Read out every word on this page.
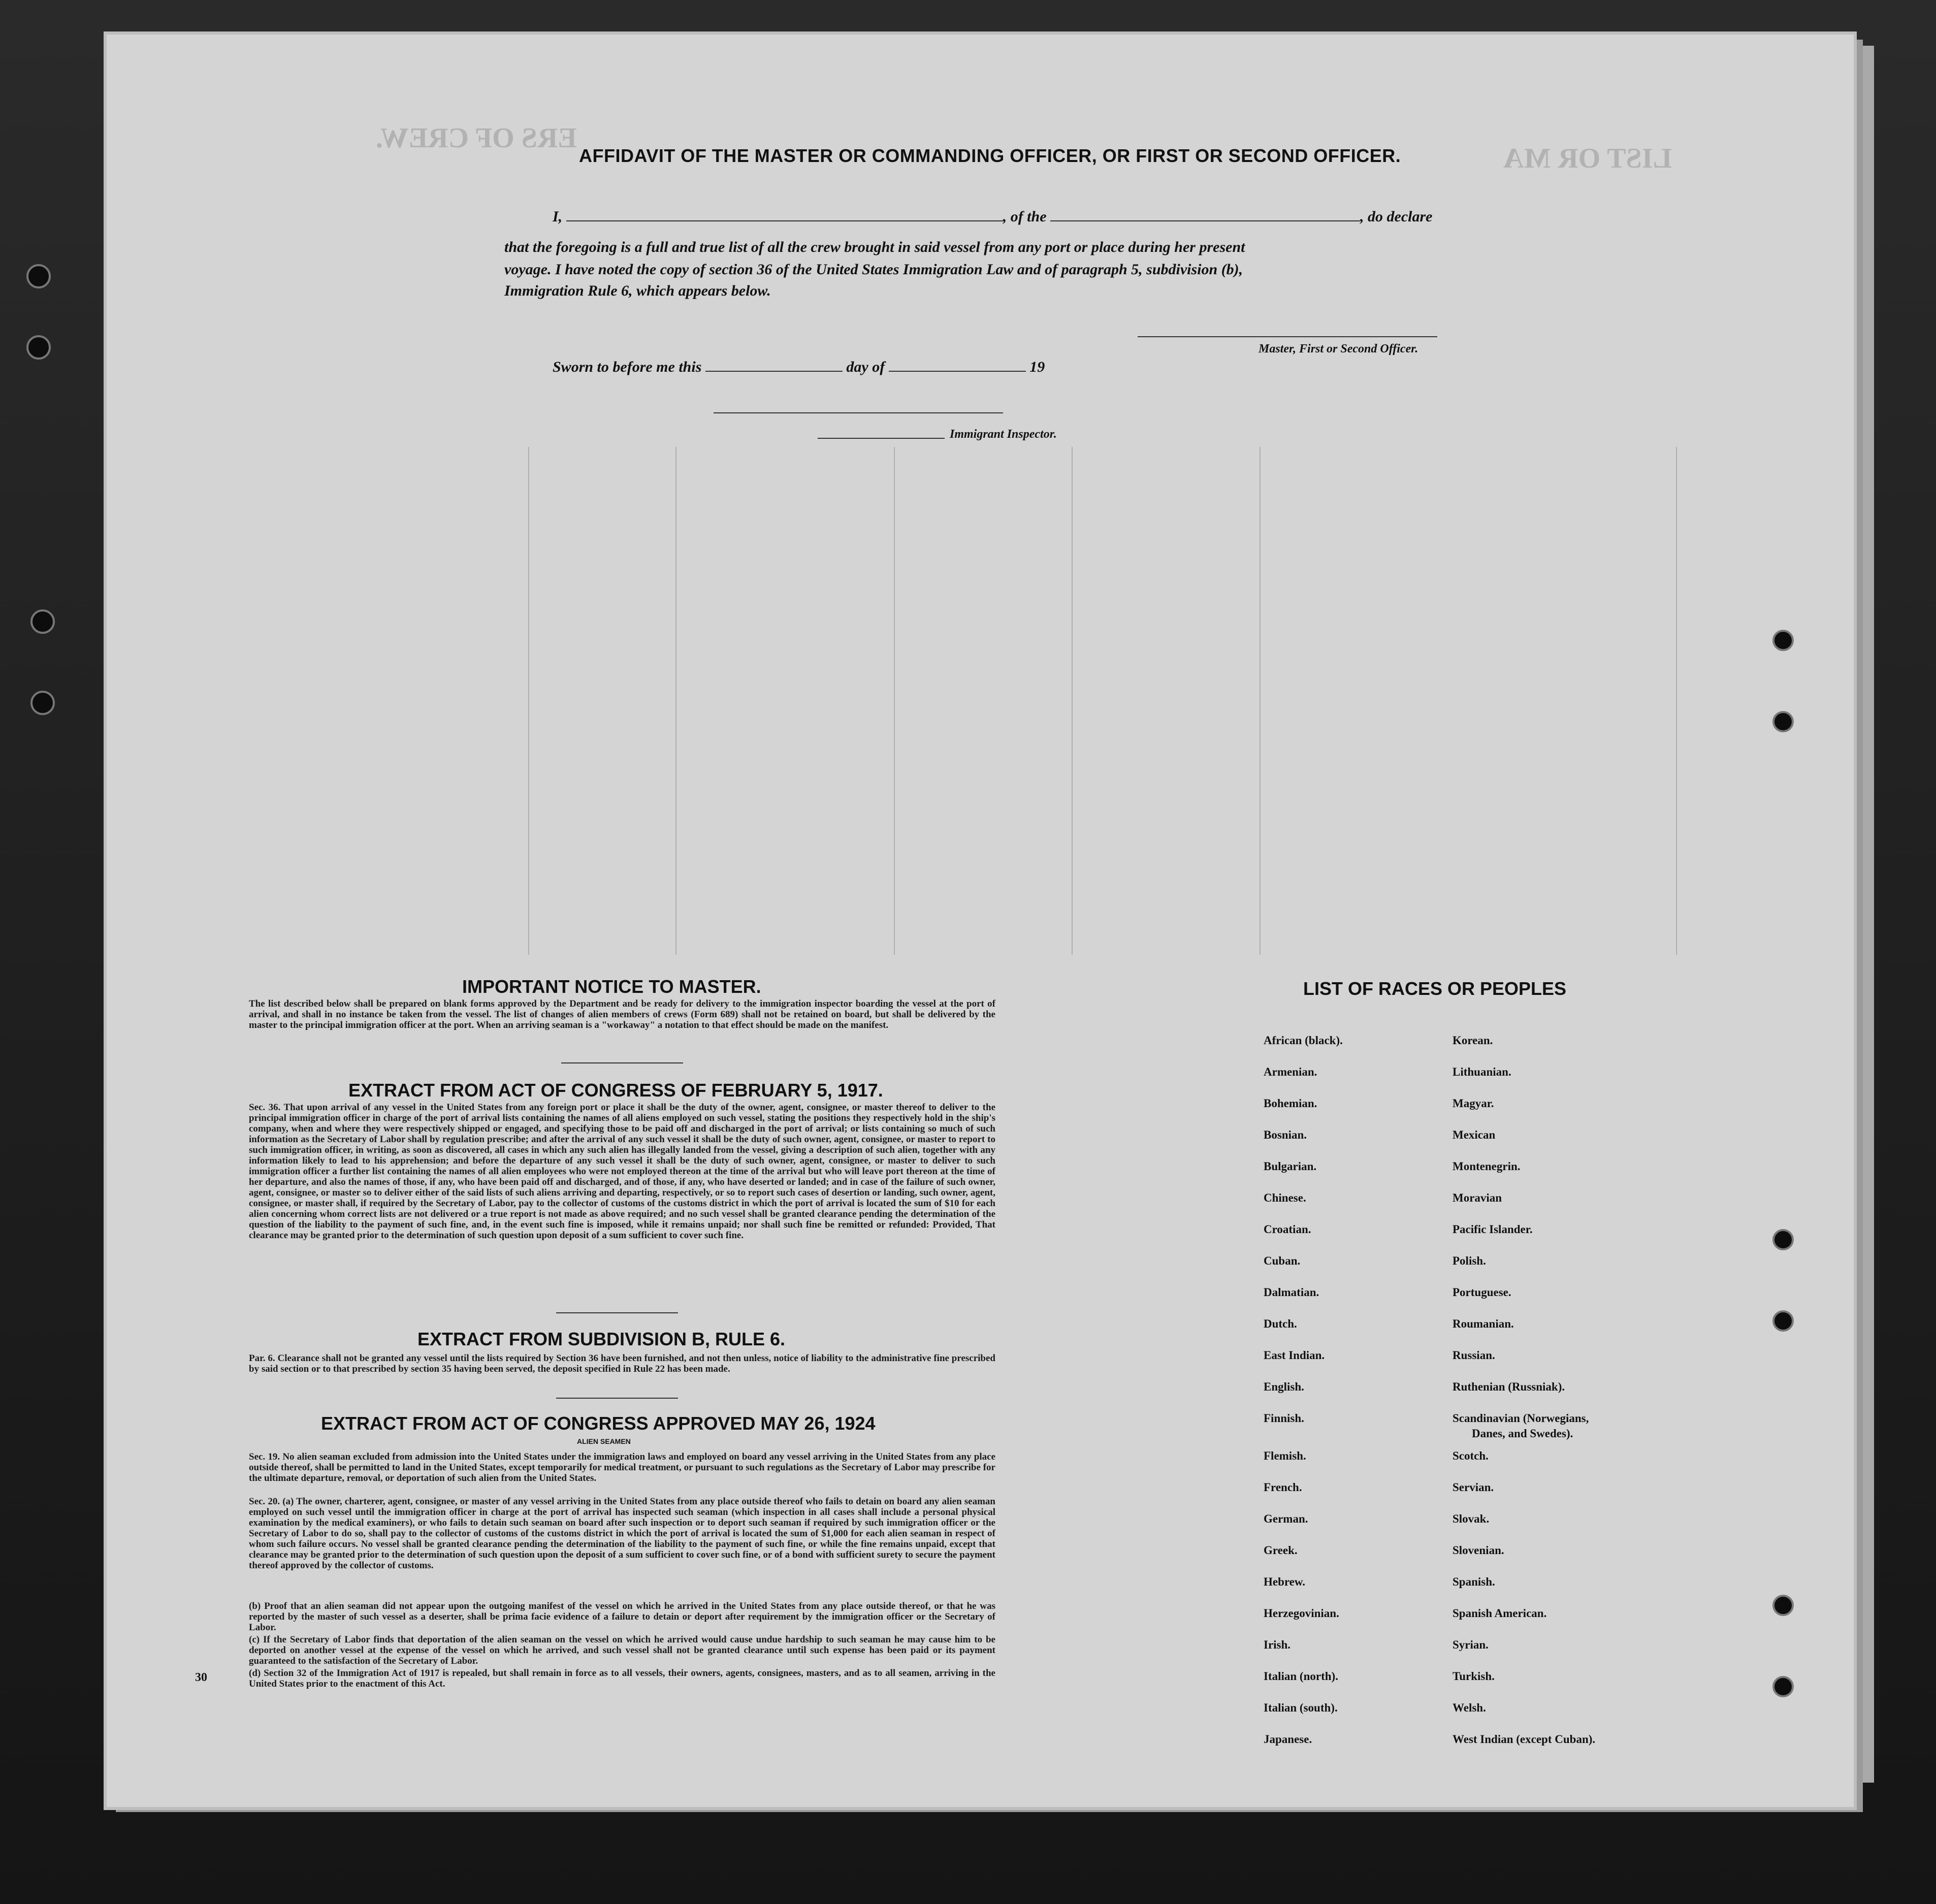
LIST OR MA
ERS OF CREW.
AFFIDAVIT OF THE MASTER OR COMMANDING OFFICER, OR FIRST OR SECOND OFFICER.
I,	, of the	, do declare
that the foregoing is a full and true list of all the crew brought in said vessel from any port or place during her present
voyage. I have noted the copy of section 36 of the United States Immigration Law and of paragraph 5, subdivision (b),
Immigration Rule 6, which appears below.
Master, First or Second Officer.
Sworn to before me this	day of	19
Immigrant Inspector.
IMPORTANT NOTICE TO MASTER.
The list described below shall be prepared on blank forms approved by the Department and be ready for delivery to the immigration inspector boarding the vessel at the port of arrival, and shall in no instance be taken from the vessel. The list of changes of alien members of crews (Form 689) shall not be retained on board, but shall be delivered by the master to the principal immigration officer at the port. When an arriving seaman is a "workaway" a notation to that effect should be made on the manifest.
EXTRACT FROM ACT OF CONGRESS OF FEBRUARY 5, 1917.
Sec. 36. That upon arrival of any vessel in the United States from any foreign port or place it shall be the duty of the owner, agent, consignee, or master thereof to deliver to the principal immigration officer in charge of the port of arrival lists containing the names of all aliens employed on such vessel, stating the positions they respectively hold in the ship's company, when and where they were respectively shipped or engaged, and specifying those to be paid off and discharged in the port of arrival; or lists containing so much of such information as the Secretary of Labor shall by regulation prescribe; and after the arrival of any such vessel it shall be the duty of such owner, agent, consignee, or master to report to such immigration officer, in writing, as soon as discovered, all cases in which any such alien has illegally landed from the vessel, giving a description of such alien, together with any information likely to lead to his apprehension; and before the departure of any such vessel it shall be the duty of such owner, agent, consignee, or master to deliver to such immigration officer a further list containing the names of all alien employees who were not employed thereon at the time of the arrival but who will leave port thereon at the time of her departure, and also the names of those, if any, who have been paid off and discharged, and of those, if any, who have deserted or landed; and in case of the failure of such owner, agent, consignee, or master so to deliver either of the said lists of such aliens arriving and departing, respectively, or so to report such cases of desertion or landing, such owner, agent, consignee, or master shall, if required by the Secretary of Labor, pay to the collector of customs of the customs district in which the port of arrival is located the sum of $10 for each alien concerning whom correct lists are not delivered or a true report is not made as above required; and no such vessel shall be granted clearance pending the determination of the question of the liability to the payment of such fine, and, in the event such fine is imposed, while it remains unpaid; nor shall such fine be remitted or refunded: Provided, That clearance may be granted prior to the determination of such question upon deposit of a sum sufficient to cover such fine.
EXTRACT FROM SUBDIVISION B, RULE 6.
Par. 6. Clearance shall not be granted any vessel until the lists required by Section 36 have been furnished, and not then unless, notice of liability to the administrative fine prescribed by said section or to that prescribed by section 35 having been served, the deposit specified in Rule 22 has been made.
EXTRACT FROM ACT OF CONGRESS APPROVED MAY 26, 1924
ALIEN SEAMEN
Sec. 19. No alien seaman excluded from admission into the United States under the immigration laws and employed on board any vessel arriving in the United States from any place outside thereof, shall be permitted to land in the United States, except temporarily for medical treatment, or pursuant to such regulations as the Secretary of Labor may prescribe for the ultimate departure, removal, or deportation of such alien from the United States.
Sec. 20. (a) The owner, charterer, agent, consignee, or master of any vessel arriving in the United States from any place outside thereof who fails to detain on board any alien seaman employed on such vessel until the immigration officer in charge at the port of arrival has inspected such seaman (which inspection in all cases shall include a personal physical examination by the medical examiners), or who fails to detain such seaman on board after such inspection or to deport such seaman if required by such immigration officer or the Secretary of Labor to do so, shall pay to the collector of customs of the customs district in which the port of arrival is located the sum of $1,000 for each alien seaman in respect of whom such failure occurs. No vessel shall be granted clearance pending the determination of the liability to the payment of such fine, or while the fine remains unpaid, except that clearance may be granted prior to the determination of such question upon the deposit of a sum sufficient to cover such fine, or of a bond with sufficient surety to secure the payment thereof approved by the collector of customs.
(b) Proof that an alien seaman did not appear upon the outgoing manifest of the vessel on which he arrived in the United States from any place outside thereof, or that he was reported by the master of such vessel as a deserter, shall be prima facie evidence of a failure to detain or deport after requirement by the immigration officer or the Secretary of Labor.
(c) If the Secretary of Labor finds that deportation of the alien seaman on the vessel on which he arrived would cause undue hardship to such seaman he may cause him to be deported on another vessel at the expense of the vessel on which he arrived, and such vessel shall not be granted clearance until such expense has been paid or its payment guaranteed to the satisfaction of the Secretary of Labor.
(d) Section 32 of the Immigration Act of 1917 is repealed, but shall remain in force as to all vessels, their owners, agents, consignees, masters, and as to all seamen, arriving in the United States prior to the enactment of this Act.
30
LIST OF RACES OR PEOPLES
African (black).
Armenian.
Bohemian.
Bosnian.
Bulgarian.
Chinese.
Croatian.
Cuban.
Dalmatian.
Dutch.
East Indian.
English.
Finnish.
Flemish.
French.
German.
Greek.
Hebrew.
Herzegovinian.
Irish.
Italian (north).
Italian (south).
Japanese.
Korean.
Lithuanian.
Magyar.
Mexican
Montenegrin.
Moravian
Pacific Islander.
Polish.
Portuguese.
Roumanian.
Russian.
Ruthenian (Russniak).
Scandinavian (Norwegians,
Danes, and Swedes).
Scotch.
Servian.
Slovak.
Slovenian.
Spanish.
Spanish American.
Syrian.
Turkish.
Welsh.
West Indian (except Cuban).
